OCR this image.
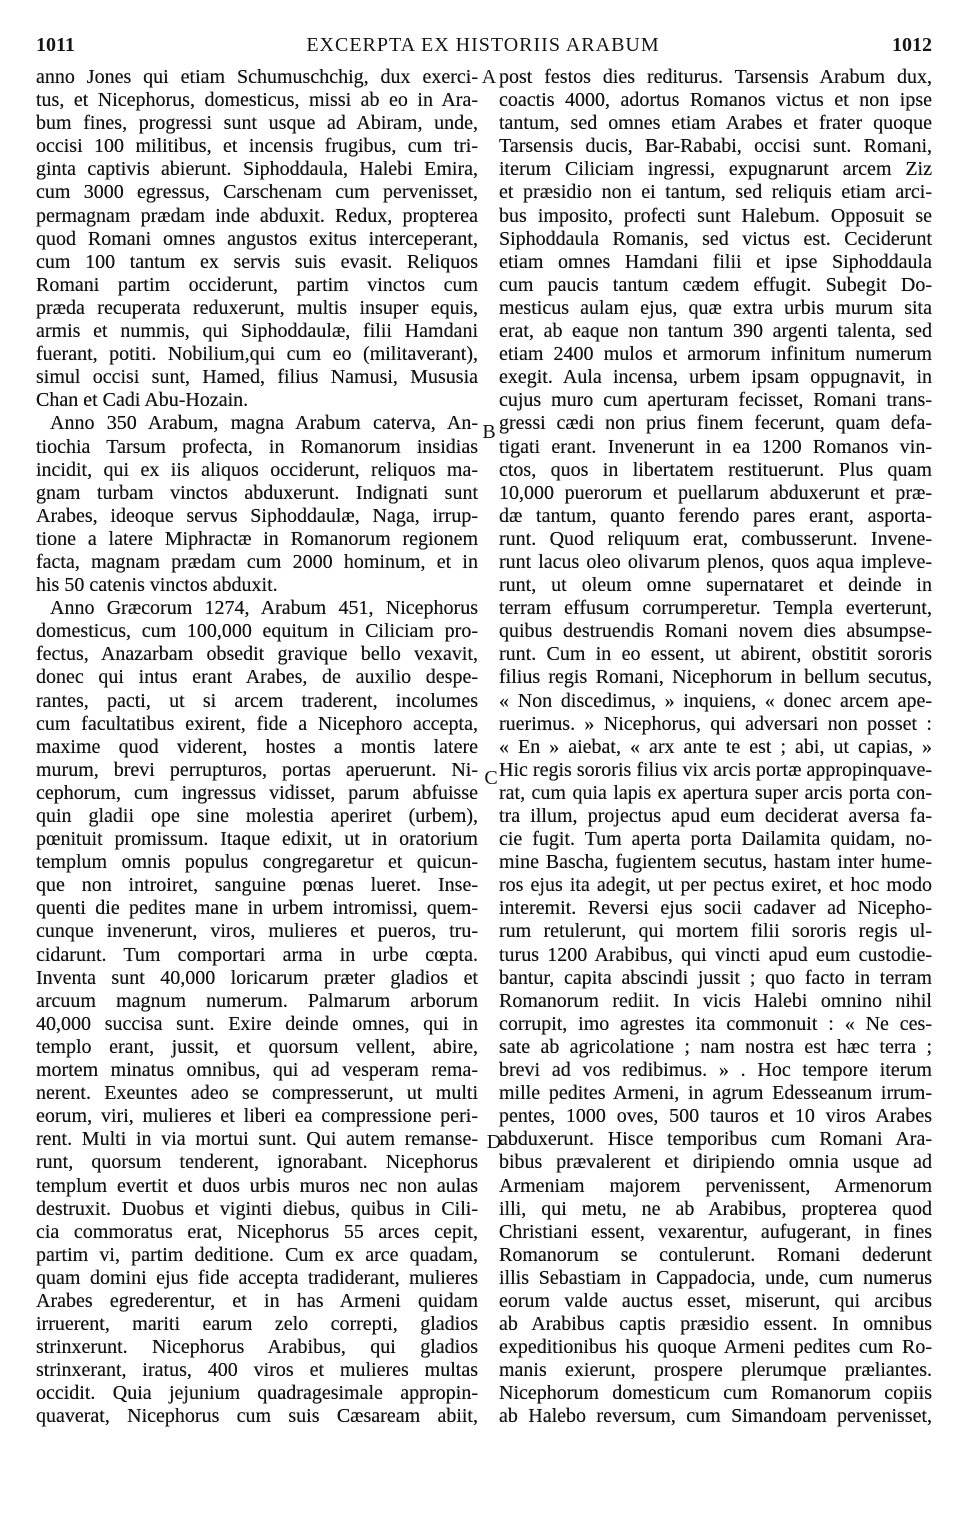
1011	EXCERPTA EX HISTORIIS ARABUM	1012
anno Jones qui etiam Schumuschchig, dux exerci-
tus, et Nicephorus, domesticus, missi ab eo in Ara-
bum fines, progressi sunt usque ad Abiram, unde,
occisi 100 militibus, et incensis frugibus, cum tri-
ginta captivis abierunt. Siphoddaula, Halebi Emira,
cum 3000 egressus, Carschenam cum pervenisset,
permagnam prædam inde abduxit. Redux, propterea
quod Romani omnes angustos exitus interceperant,
cum 100 tantum ex servis suis evasit. Reliquos
Romani partim occiderunt, partim vinctos cum
præda recuperata reduxerunt, multis insuper equis,
armis et nummis, qui Siphoddaulæ, filii Hamdani
fuerant, potiti. Nobilium,qui cum eo (militaverant),
simul occisi sunt, Hamed, filius Namusi, Mususia
Chan et Cadi Abu-Hozain.
Anno 350 Arabum, magna Arabum caterva, An-
tiochia Tarsum profecta, in Romanorum insidias
incidit, qui ex iis aliquos occiderunt, reliquos ma-
gnam turbam vinctos abduxerunt. Indignati sunt
Arabes, ideoque servus Siphoddaulæ, Naga, irrup-
tione a latere Miphractæ in Romanorum regionem
facta, magnam prædam cum 2000 hominum, et in
his 50 catenis vinctos abduxit.
Anno Græcorum 1274, Arabum 451, Nicephorus
domesticus, cum 100,000 equitum in Ciliciam pro-
fectus, Anazarbam obsedit gravique bello vexavit,
donec qui intus erant Arabes, de auxilio despe-
rantes, pacti, ut si arcem traderent, incolumes
cum facultatibus exirent, fide a Nicephoro accepta,
maxime quod viderent, hostes a montis latere
murum, brevi perrupturos, portas aperuerunt. Ni-
cephorum, cum ingressus vidisset, parum abfuisse
quin gladii ope sine molestia aperiret (urbem),
pœnituit promissum. Itaque edixit, ut in oratorium
templum omnis populus congregaretur et quicun-
que non introiret, sanguine pœnas lueret. Inse-
quenti die pedites mane in urbem intromissi, quem-
cunque invenerunt, viros, mulieres et pueros, tru-
cidarunt. Tum comportari arma in urbe cœpta.
Inventa sunt 40,000 loricarum præter gladios et
arcuum magnum numerum. Palmarum arborum
40,000 succisa sunt. Exire deinde omnes, qui in
templo erant, jussit, et quorsum vellent, abire,
mortem minatus omnibus, qui ad vesperam rema-
nerent. Exeuntes adeo se compresserunt, ut multi
eorum, viri, mulieres et liberi ea compressione peri-
rent. Multi in via mortui sunt. Qui autem remanse-
runt, quorsum tenderent, ignorabant. Nicephorus
templum evertit et duos urbis muros nec non aulas
destruxit. Duobus et viginti diebus, quibus in Cili-
cia commoratus erat, Nicephorus 55 arces cepit,
partim vi, partim deditione. Cum ex arce quadam,
quam domini ejus fide accepta tradiderant, mulieres
Arabes egrederentur, et in has Armeni quidam
irruerent, mariti earum zelo correpti, gladios
strinxerunt. Nicephorus Arabibus, qui gladios
strinxerant, iratus, 400 viros et mulieres multas
occidit. Quia jejunium quadragesimale appropin-
quaverat, Nicephorus cum suis Cæsaream abiit,
post festos dies rediturus. Tarsensis Arabum dux,
coactis 4000, adortus Romanos victus et non ipse
tantum, sed omnes etiam Arabes et frater quoque
Tarsensis ducis, Bar-Rababi, occisi sunt. Romani,
iterum Ciliciam ingressi, expugnarunt arcem Ziz
et præsidio non ei tantum, sed reliquis etiam arci-
bus imposito, profecti sunt Halebum. Opposuit se
Siphoddaula Romanis, sed victus est. Ceciderunt
etiam omnes Hamdani filii et ipse Siphoddaula
cum paucis tantum cædem effugit. Subegit Do-
mesticus aulam ejus, quæ extra urbis murum sita
erat, ab eaque non tantum 390 argenti talenta, sed
etiam 2400 mulos et armorum infinitum numerum
exegit. Aula incensa, urbem ipsam oppugnavit, in
cujus muro cum aperturam fecisset, Romani trans-
gressi cædi non prius finem fecerunt, quam defa-
tigati erant. Invenerunt in ea 1200 Romanos vin-
ctos, quos in libertatem restituerunt. Plus quam
10,000 puerorum et puellarum abduxerunt et præ-
dæ tantum, quanto ferendo pares erant, asporta-
runt. Quod reliquum erat, combusserunt. Invene-
runt lacus oleo olivarum plenos, quos aqua impleve-
runt, ut oleum omne supernataret et deinde in
terram effusum corrumperetur. Templa everterunt,
quibus destruendis Romani novem dies absumpse-
runt. Cum in eo essent, ut abirent, obstitit sororis
filius regis Romani, Nicephorum in bellum secutus,
« Non discedimus, » inquiens, « donec arcem ape-
ruerimus. » Nicephorus, qui adversari non posset :
« En » aiebat, « arx ante te est ; abi, ut capias, »
Hic regis sororis filius vix arcis portæ appropinquave-
rat, cum quia lapis ex apertura super arcis porta con-
tra illum, projectus apud eum deciderat aversa fa-
cie fugit. Tum aperta porta Dailamita quidam, no-
mine Bascha, fugientem secutus, hastam inter hume-
ros ejus ita adegit, ut per pectus exiret, et hoc modo
interemit. Reversi ejus socii cadaver ad Nicepho-
rum retulerunt, qui mortem filii sororis regis ul-
turus 1200 Arabibus, qui vincti apud eum custodie-
bantur, capita abscindi jussit ; quo facto in terram
Romanorum rediit. In vicis Halebi omnino nihil
corrupit, imo agrestes ita commonuit : « Ne ces-
sate ab agricolatione ; nam nostra est hæc terra ;
brevi ad vos redibimus. » . Hoc tempore iterum
mille pedites Armeni, in agrum Edesseanum irrum-
pentes, 1000 oves, 500 tauros et 10 viros Arabes
abduxerunt. Hisce temporibus cum Romani Ara-
bibus prævalerent et diripiendo omnia usque ad
Armeniam majorem pervenissent, Armenorum
illi, qui metu, ne ab Arabibus, propterea quod
Christiani essent, vexarentur, aufugerant, in fines
Romanorum se contulerunt. Romani dederunt
illis Sebastiam in Cappadocia, unde, cum numerus
eorum valde auctus esset, miserunt, qui arcibus
ab Arabibus captis præsidio essent. In omnibus
expeditionibus his quoque Armeni pedites cum Ro-
manis exierunt, prospere plerumque præliantes.
Nicephorum domesticum cum Romanorum copiis
ab Halebo reversum, cum Simandoam pervenisset,
A
B
C
D
